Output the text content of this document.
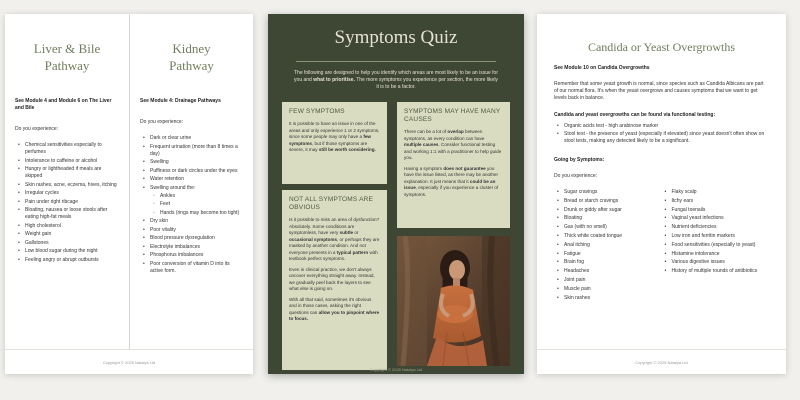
Liver & Bile Pathway
See Module 4 and Module 6 on The Liver and Bile
Do you experience:
• Chemical sensitivities especially to perfumes
• Intolerance to caffeine or alcohol
• Hungry or lightheaded if meals are skipped
• Skin rashes, acne, eczema, hives, itching
• Irregular cycles
• Pain under right ribcage
• Bloating, nausea or loose stools after eating high-fat meals
• High cholesterol
• Weight gain
• Gallstones
• Low blood sugar during the night
• Feeling angry or abrupt outbursts
Kidney Pathway
See Module 4: Drainage Pathways
Do you experience:
• Dark or clear urine
• Frequent urination (more than 8 times a day)
• Swelling
• Puffiness or dark circles under the eyes
• Water retention
• Swelling around the:
◦ Ankles
◦ Feet
◦ Hands (rings may become too tight)
• Dry skin
• Poor vitality
• Blood pressure dysregulation
• Electrolyte imbalances
• Phosphorus imbalances
• Poor conversion of vitamin D into its active form.
Copyright © 2025 Natalya Ltd
Symptoms Quiz
The following are designed to help you identify which areas are most likely to be an issue for you and what to prioritise. The more symptoms you experience per section, the more likely it is to be a factor.
FEW SYMPTOMS

It is possible to have an issue in one of the areas and only experience 1 or 2 symptoms, since some people may only have a few symptoms, but if those symptoms are severe, it may still be worth considering.

SYMPTOMS MAY HAVE MANY CAUSES

There can be a lot of overlap between symptoms, as every condition can have multiple causes. Consider functional testing and working 1:1 with a practitioner to help guide you.

Having a symptom does not guarantee you have the issue listed, as there may be another explanation. It just means that it could be an issue, especially if you experience a cluster of symptoms.

NOT ALL SYMPTOMS ARE OBVIOUS

Is it possible to miss an area of dysfunction? Absolutely. Some conditions are symptomless, have very subtle or occasional symptoms, or perhaps they are masked by another condition. And not everyone presents in a typical pattern with textbook perfect symptoms.

Even in clinical practice, we don't always uncover everything straight away. Instead, we gradually peel back the layers to see what else is going on.

With all that said, sometimes it's obvious and in those cases, asking the right questions can allow you to pinpoint where to focus.

Copyright © 2025 Natalya Ltd
Candida or Yeast Overgrowths
See Module 10 on Candida Overgrowths
Remember that some yeast growth is normal, since species such as Candida Albicans are part of our normal flora. It's when the yeast overgrows and causes symptoms that we want to get levels back in balance.
Candida and yeast overgrowths can be found via functional testing:
• Organic acids test - high arabinose marker
• Stool test - the presence of yeast (especially if elevated) since yeast doesn't often show on stool tests, making any detected likely to be a significant.
Going by Symptoms:
Do you experience:
• Sugar cravings
• Bread or starch cravings
• Drunk or giddy after sugar
• Bloating
• Gas (with no smell)
• Thick white coated tongue
• Anal itching
• Fatigue
• Brain fog
• Headaches
• Joint pain
• Muscle pain
• Skin rashes
• Flaky scalp
• Itchy ears
• Fungal toenails
• Vaginal yeast infections
• Nutrient deficiencies
• Low iron and ferritin markers
• Food sensitivities (especially to yeast)
• Histamine intolerance
• Various digestive issues
• History of multiple rounds of antibiotics
Copyright © 2025 Natalya Ltd
